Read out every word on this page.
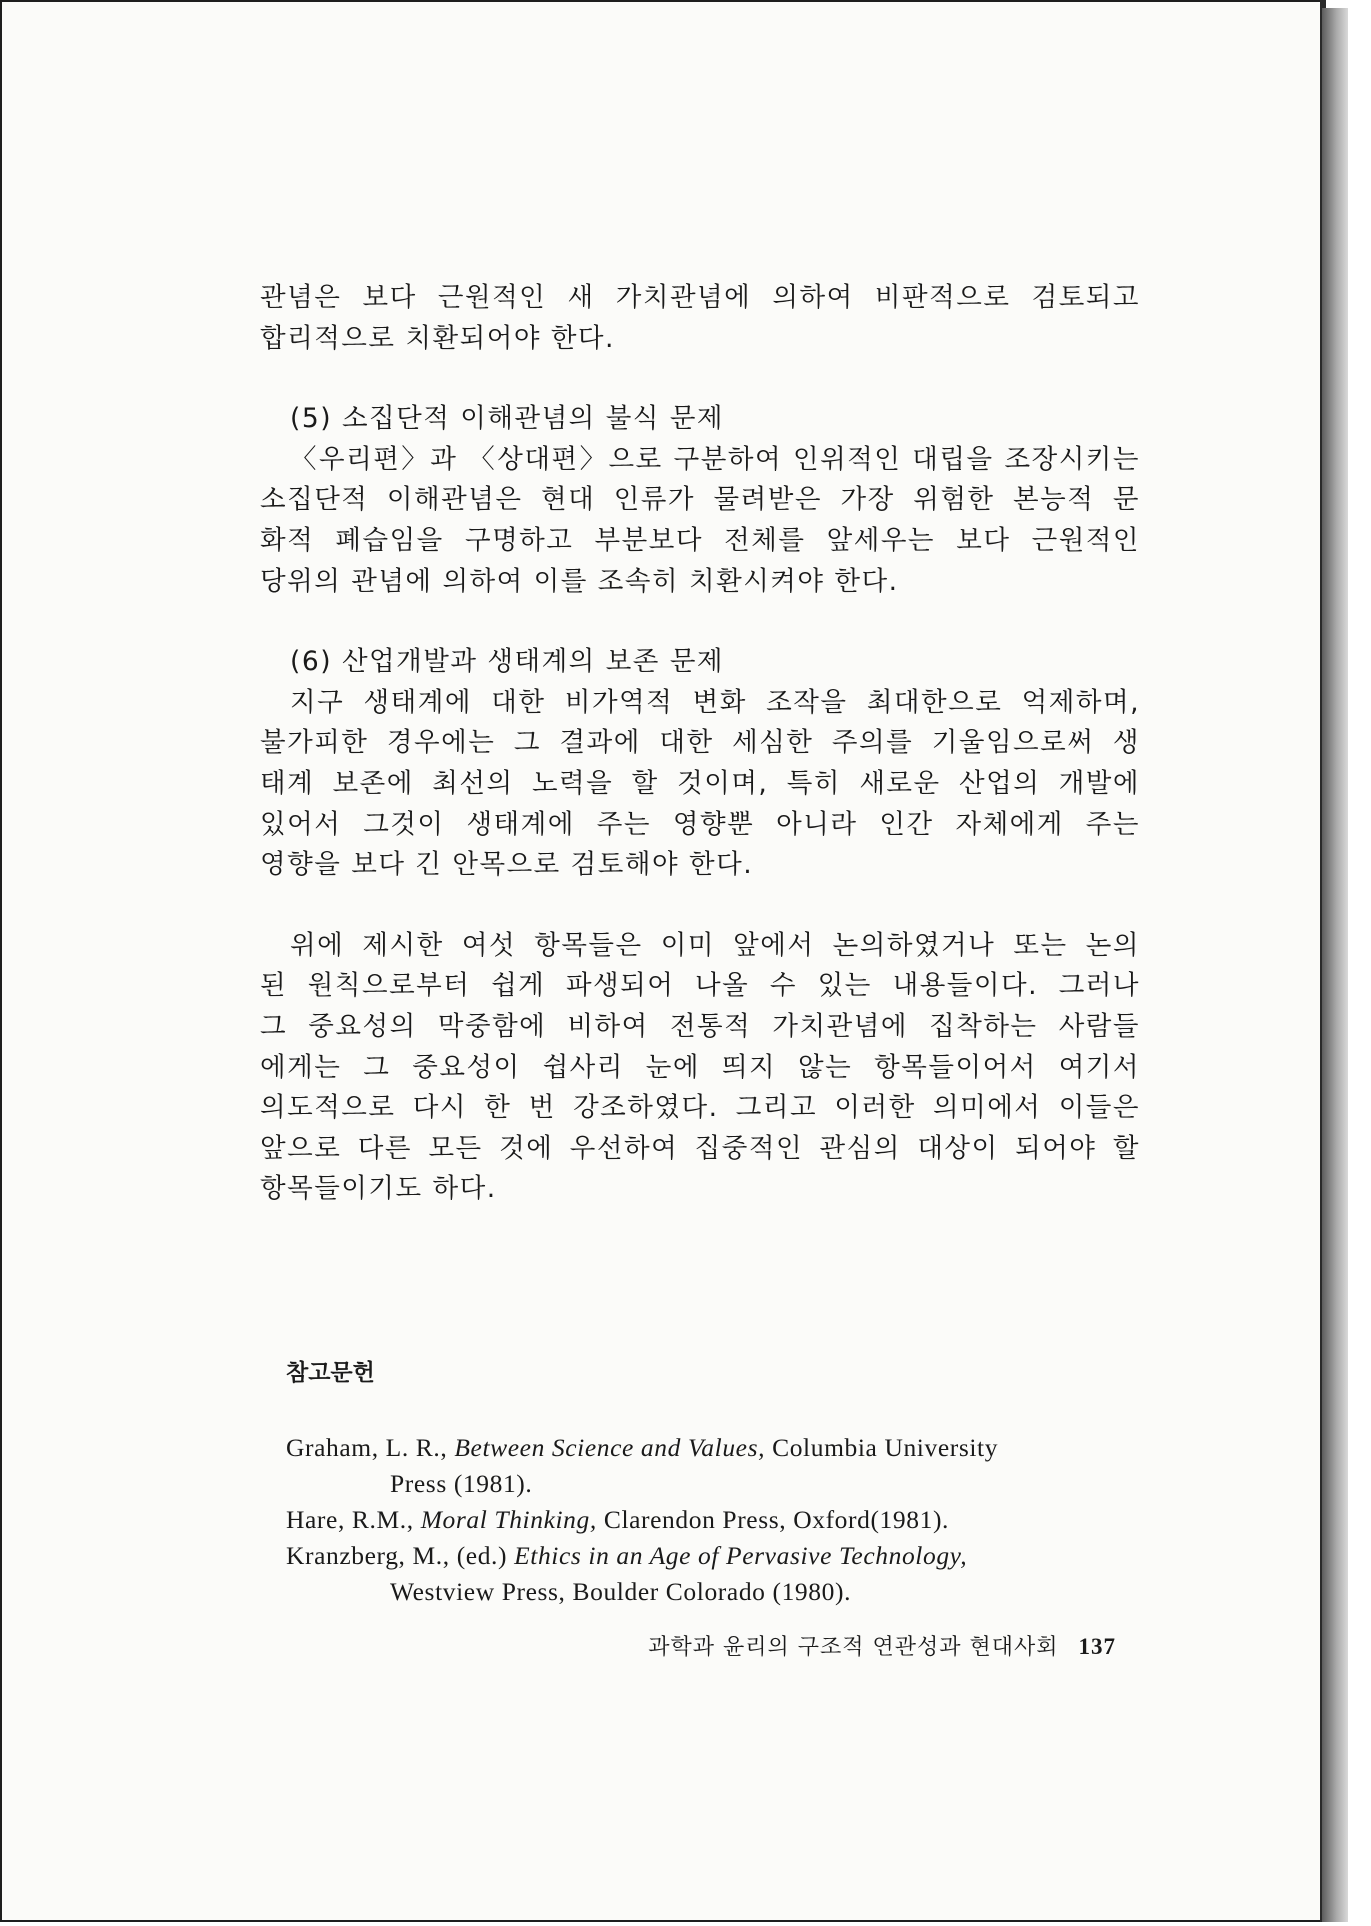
관념은 보다 근원적인 새 가치관념에 의하여 비판적으로 검토되고
합리적으로 치환되어야 한다.

(5) 소집단적 이해관념의 불식 문제

〈우리편〉과 〈상대편〉으로 구분하여 인위적인 대립을 조장시키는
소집단적 이해관념은 현대 인류가 물려받은 가장 위험한 본능적 문
화적 폐습임을 구명하고 부분보다 전체를 앞세우는 보다 근원적인
당위의 관념에 의하여 이를 조속히 치환시켜야 한다.

(6) 산업개발과 생태계의 보존 문제

지구 생태계에 대한 비가역적 변화 조작을 최대한으로 억제하며,
불가피한 경우에는 그 결과에 대한 세심한 주의를 기울임으로써 생
태계 보존에 최선의 노력을 할 것이며, 특히 새로운 산업의 개발에
있어서 그것이 생태계에 주는 영향뿐 아니라 인간 자체에게 주는
영향을 보다 긴 안목으로 검토해야 한다.

위에 제시한 여섯 항목들은 이미 앞에서 논의하였거나 또는 논의
된 원칙으로부터 쉽게 파생되어 나올 수 있는 내용들이다. 그러나
그 중요성의 막중함에 비하여 전통적 가치관념에 집착하는 사람들
에게는 그 중요성이 쉽사리 눈에 띄지 않는 항목들이어서 여기서
의도적으로 다시 한 번 강조하였다. 그리고 이러한 의미에서 이들은
앞으로 다른 모든 것에 우선하여 집중적인 관심의 대상이 되어야 할
항목들이기도 하다.

참고문헌

Graham, L. R., Between Science and Values, Columbia University
Press (1981).

Hare, R.M., Moral Thinking, Clarendon Press, Oxford(1981).

Kranzberg, M., (ed.) Ethics in an Age of Pervasive Technology,
Westview Press, Boulder Colorado (1980).

과학과 윤리의 구조적 연관성과 현대사회 137
